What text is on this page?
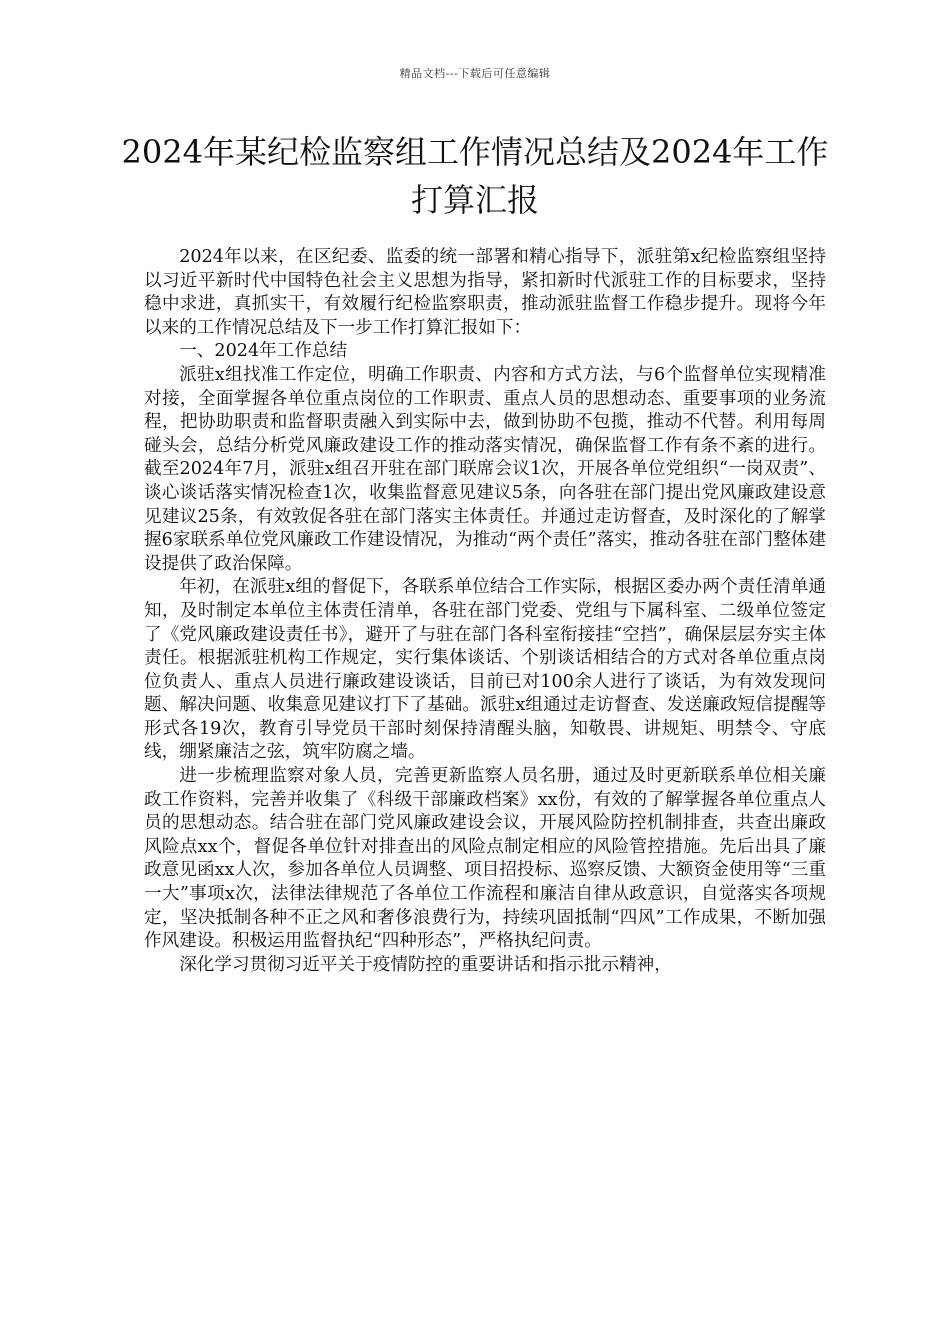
精品文档---下载后可任意编辑
2024年某纪检监察组工作情况总结及2024年工作打算汇报

2024年以来，在区纪委、监委的统一部署和精心指导下，派驻第x纪检监察组坚持以习近平新时代中国特色社会主义思想为指导，紧扣新时代派驻工作的目标要求，坚持稳中求进，真抓实干，有效履行纪检监察职责，推动派驻监督工作稳步提升。现将今年以来的工作情况总结及下一步工作打算汇报如下：

一、2024年工作总结

派驻x组找准工作定位，明确工作职责、内容和方式方法，与6个监督单位实现精准对接，全面掌握各单位重点岗位的工作职责、重点人员的思想动态、重要事项的业务流程，把协助职责和监督职责融入到实际中去，做到协助不包揽，推动不代替。利用每周碰头会，总结分析党风廉政建设工作的推动落实情况，确保监督工作有条不紊的进行。截至2024年7月，派驻x组召开驻在部门联席会议1次，开展各单位党组织“一岗双责”、谈心谈话落实情况检查1次，收集监督意见建议5条，向各驻在部门提出党风廉政建设意见建议25条，有效敦促各驻在部门落实主体责任。并通过走访督查，及时深化的了解掌握6家联系单位党风廉政工作建设情况，为推动“两个责任”落实，推动各驻在部门整体建设提供了政治保障。

年初，在派驻x组的督促下，各联系单位结合工作实际，根据区委办两个责任清单通知，及时制定本单位主体责任清单，各驻在部门党委、党组与下属科室、二级单位签定了《党风廉政建设责任书》，避开了与驻在部门各科室衔接挂“空挡”，确保层层夯实主体责任。根据派驻机构工作规定，实行集体谈话、个别谈话相结合的方式对各单位重点岗位负责人、重点人员进行廉政建设谈话，目前已对100余人进行了谈话，为有效发现问题、解决问题、收集意见建议打下了基础。派驻x组通过走访督查、发送廉政短信提醒等形式各19次，教育引导党员干部时刻保持清醒头脑，知敬畏、讲规矩、明禁令、守底线，绷紧廉洁之弦，筑牢防腐之墙。

进一步梳理监察对象人员，完善更新监察人员名册，通过及时更新联系单位相关廉政工作资料，完善并收集了《科级干部廉政档案》xx份，有效的了解掌握各单位重点人员的思想动态。结合驻在部门党风廉政建设会议，开展风险防控机制排查，共查出廉政风险点xx个，督促各单位针对排查出的风险点制定相应的风险管控措施。先后出具了廉政意见函xx人次，参加各单位人员调整、项目招投标、巡察反馈、大额资金使用等“三重一大”事项x次，法律法律规范了各单位工作流程和廉洁自律从政意识，自觉落实各项规定，坚决抵制各种不正之风和奢侈浪费行为，持续巩固抵制“四风”工作成果，不断加强作风建设。积极运用监督执纪“四种形态”，严格执纪问责。

深化学习贯彻习近平关于疫情防控的重要讲话和指示批示精神，
